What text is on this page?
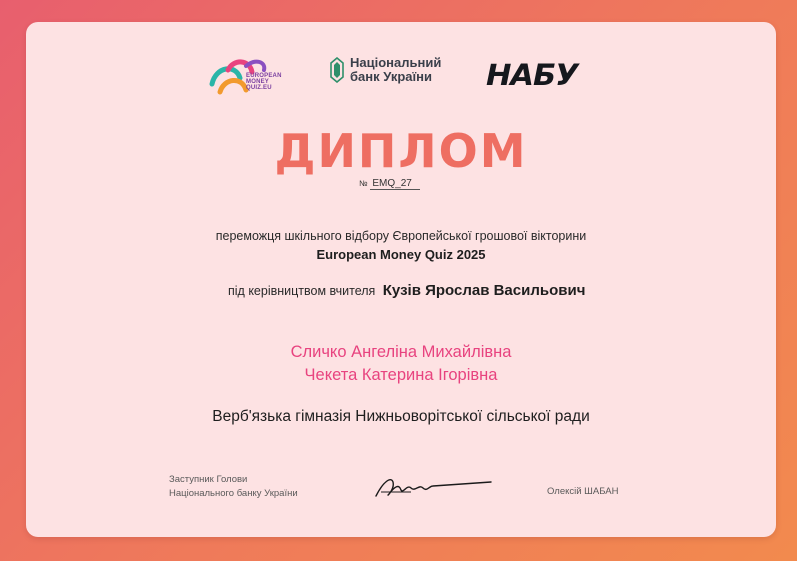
EUROPEAN
MONEY
QUIZ.EU
Національний
банк України	НАБУ
ДИПЛОМ
№ EMQ_27
переможця шкільного відбору Європейської грошової вікторини
European Money Quiz 2025
під керівництвом вчителя Кузів Ярослав Васильович
Сличко Ангеліна Михайлівна
Чекета Катерина Ігорівна
Верб'язька гімназія Нижньоворітської сільської ради
Заступник Голови
Національного банку України	Олексій ШАБАН
